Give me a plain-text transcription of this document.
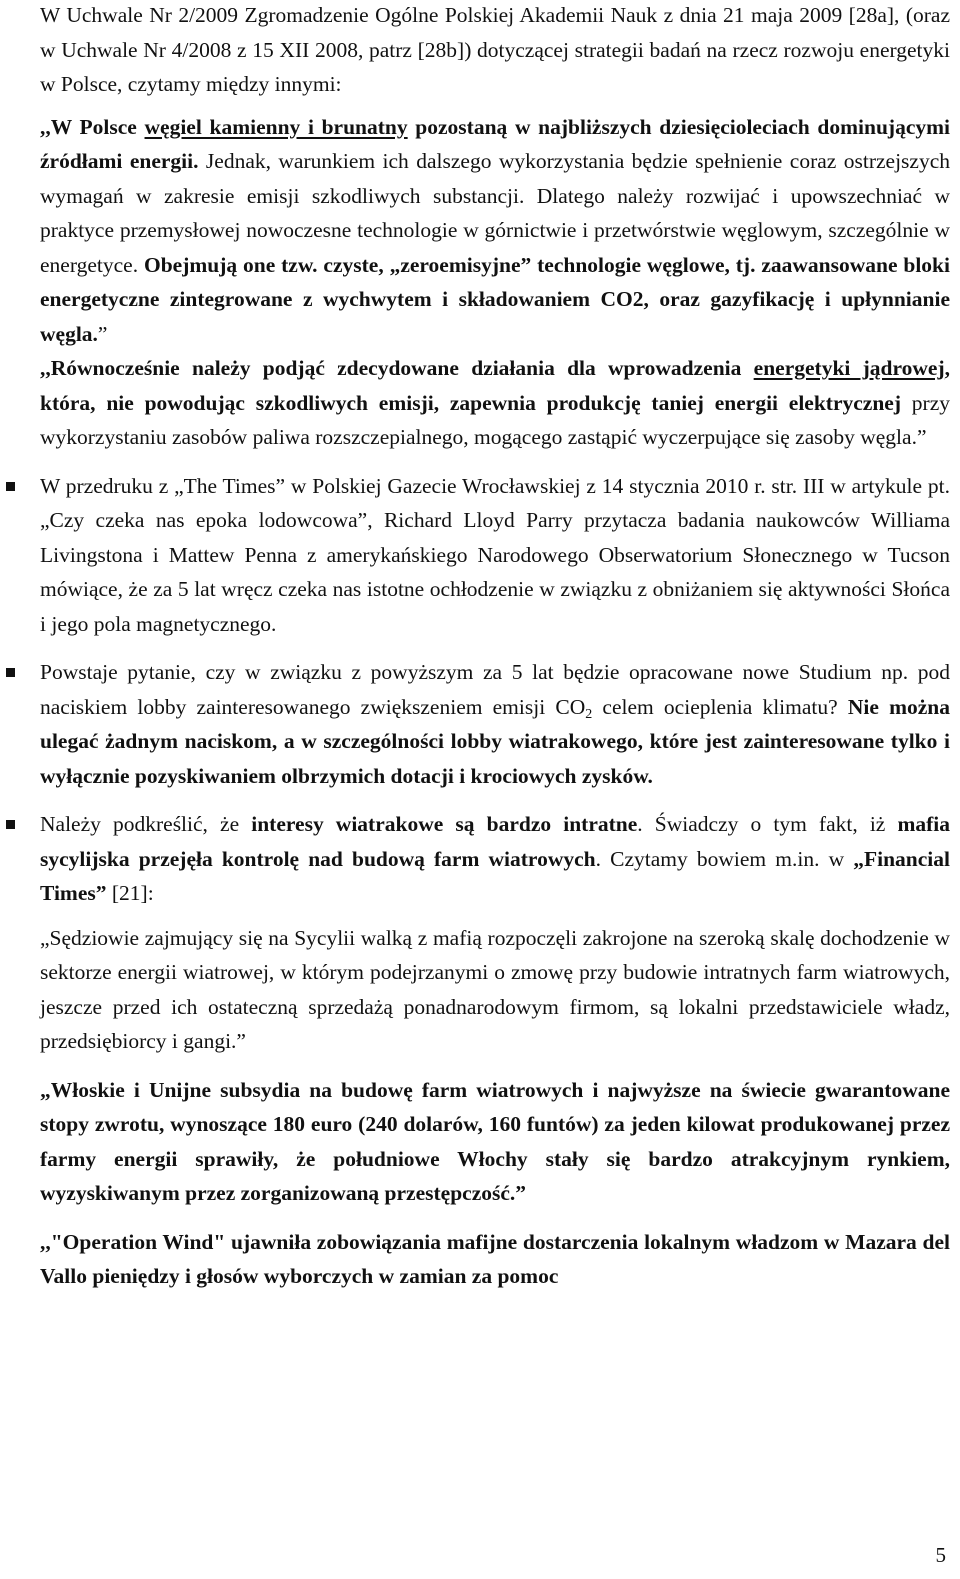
W Uchwale Nr 2/2009 Zgromadzenie Ogólne Polskiej Akademii Nauk z dnia 21 maja 2009 [28a], (oraz w Uchwale Nr 4/2008 z 15 XII 2008, patrz [28b]) dotyczącej strategii badań na rzecz rozwoju energetyki w Polsce, czytamy między innymi:

,,W Polsce węgiel kamienny i brunatny pozostaną w najbliższych dziesięcioleciach dominującymi źródłami energii. Jednak, warunkiem ich dalszego wykorzystania będzie spełnienie coraz ostrzejszych wymagań w zakresie emisji szkodliwych substancji. Dlatego należy rozwijać i upowszechniać w praktyce przemysłowej nowoczesne technologie w górnictwie i przetwórstwie węglowym, szczególnie w energetyce. Obejmują one tzw. czyste, „zeroemisyjne” technologie węglowe, tj. zaawansowane bloki energetyczne zintegrowane z wychwytem i składowaniem CO2, oraz gazyfikację i upłynnianie węgla.”

,,Równocześnie należy podjąć zdecydowane działania dla wprowadzenia energetyki jądrowej, która, nie powodując szkodliwych emisji, zapewnia produkcję taniej energii elektrycznej przy wykorzystaniu zasobów paliwa rozszczepialnego, mogącego zastąpić wyczerpujące się zasoby węgla.”

W przedruku z „The Times” w Polskiej Gazecie Wrocławskiej z 14 stycznia 2010 r. str. III w artykule pt. „Czy czeka nas epoka lodowcowa”, Richard Lloyd Parry przytacza badania naukowców Williama Livingstona i Mattew Penna z amerykańskiego Narodowego Obserwatorium Słonecznego w Tucson mówiące, że za 5 lat wręcz czeka nas istotne ochłodzenie w związku z obniżaniem się aktywności Słońca i jego pola magnetycznego.

Powstaje pytanie, czy w związku z powyższym za 5 lat będzie opracowane nowe Studium np. pod naciskiem lobby zainteresowanego zwiększeniem emisji $CO_2$ celem ocieplenia klimatu? Nie można ulegać żadnym naciskom, a w szczególności lobby wiatrakowego, które jest zainteresowane tylko i wyłącznie pozyskiwaniem olbrzymich dotacji i krociowych zysków.

Należy podkreślić, że interesy wiatrakowe są bardzo intratne. Świadczy o tym fakt, iż mafia sycylijska przejęła kontrolę nad budową farm wiatrowych. Czytamy bowiem m.in. w „Financial Times” [21]:

„Sędziowie zajmujący się na Sycylii walką z mafią rozpoczęli zakrojone na szeroką skalę dochodzenie w sektorze energii wiatrowej, w którym podejrzanymi o zmowę przy budowie intratnych farm wiatrowych, jeszcze przed ich ostateczną sprzedażą ponadnarodowym firmom, są lokalni przedstawiciele władz, przedsiębiorcy i gangi.”

„Włoskie i Unijne subsydia na budowę farm wiatrowych i najwyższe na świecie gwarantowane stopy zwrotu, wynoszące 180 euro (240 dolarów, 160 funtów) za jeden kilowat produkowanej przez farmy energii sprawiły, że południowe Włochy stały się bardzo atrakcyjnym rynkiem, wyzyskiwanym przez zorganizowaną przestępczość.”

,,"Operation Wind" ujawniła zobowiązania mafijne dostarczenia lokalnym władzom w Mazara del Vallo pieniędzy i głosów wyborczych w zamian za pomoc

5
